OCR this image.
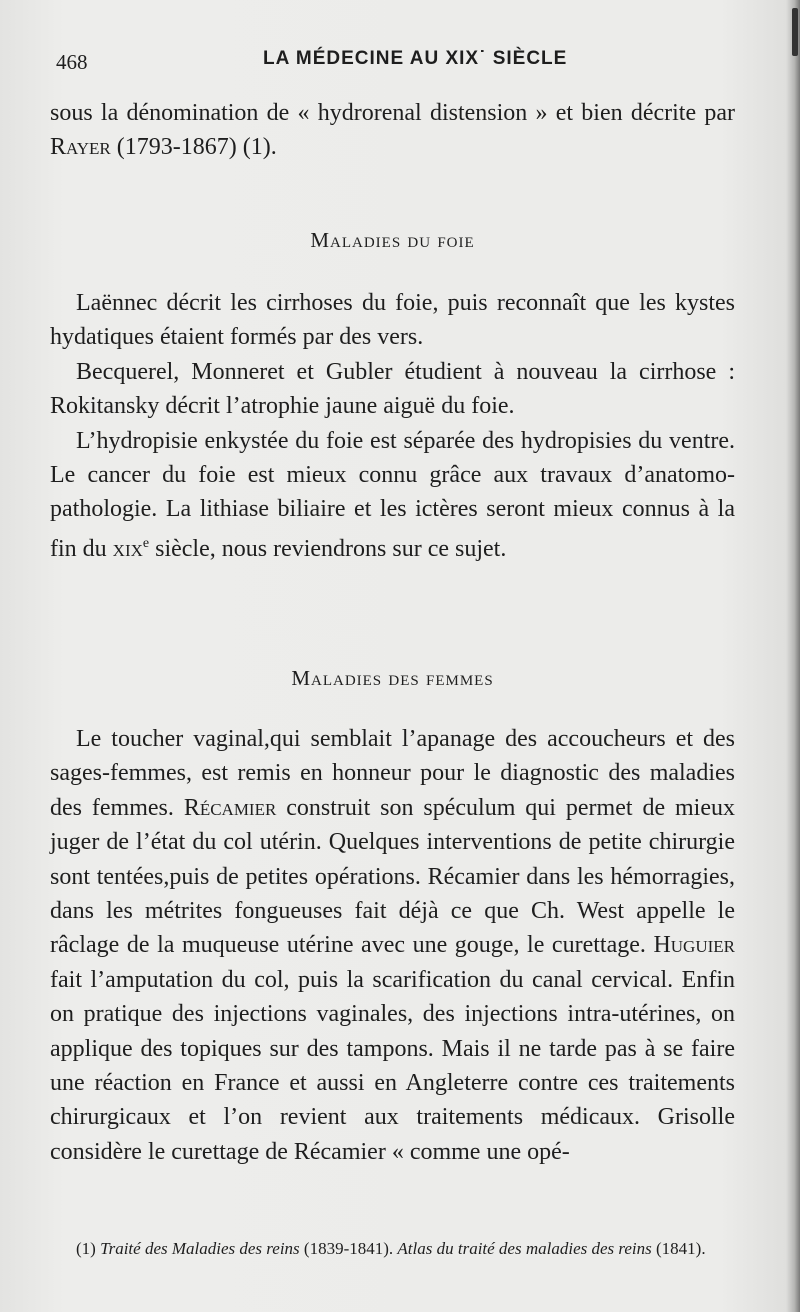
468	LA MÉDECINE AU XIX˙ SIÈCLE

sous la dénomination de « hydrorenal distension » et bien décrite par Rayer (1793-1867) (1).

Maladies du foie

Laënnec décrit les cirrhoses du foie, puis reconnaît que les kystes hydatiques étaient formés par des vers.

Becquerel, Monneret et Gubler étudient à nouveau la cirrhose : Rokitansky décrit l’atrophie jaune aiguë du foie.

L’hydropisie enkystée du foie est séparée des hydropisies du ventre. Le cancer du foie est mieux connu grâce aux travaux d’anatomo-pathologie. La lithiase biliaire et les ictères seront mieux connus à la fin du xix$^e$ siècle, nous reviendrons sur ce sujet.

Maladies des femmes

Le toucher vaginal,qui semblait l’apanage des accoucheurs et des sages-femmes, est remis en honneur pour le diagnostic des maladies des femmes. Récamier construit son spéculum qui permet de mieux juger de l’état du col utérin. Quelques interventions de petite chirurgie sont tentées,puis de petites opérations. Récamier dans les hémorragies, dans les métrites fongueuses fait déjà ce que Ch. West appelle le râclage de la muqueuse utérine avec une gouge, le curettage. Huguier fait l’amputation du col, puis la scarification du canal cervical. Enfin on pratique des injections vaginales, des injections intra-utérines, on applique des topiques sur des tampons. Mais il ne tarde pas à se faire une réaction en France et aussi en Angleterre contre ces traitements chirurgicaux et l’on revient aux traitements médicaux. Grisolle considère le curettage de Récamier « comme une opé-

(1) Traité des Maladies des reins (1839-1841). Atlas du traité des maladies des reins (1841).
